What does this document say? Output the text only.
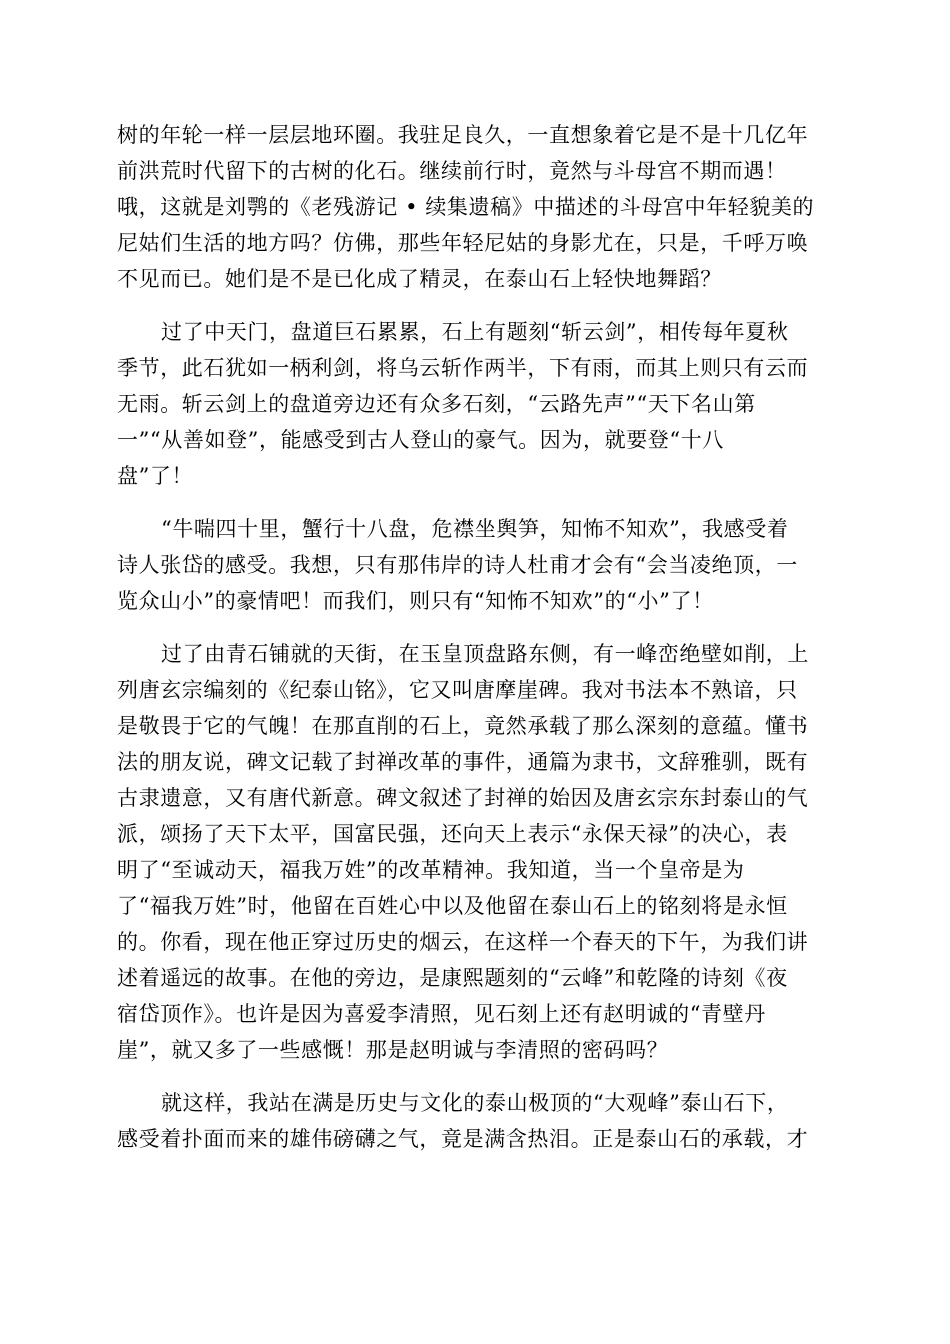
树的年轮一样一层层地环圈。我驻足良久，一直想象着它是不是十几亿年
前洪荒时代留下的古树的化石。继续前行时，竟然与斗母宫不期而遇！
哦，这就是刘鹗的《老残游记 • 续集遗稿》中描述的斗母宫中年轻貌美的
尼姑们生活的地方吗？仿佛，那些年轻尼姑的身影尤在，只是，千呼万唤
不见而已。她们是不是已化成了精灵，在泰山石上轻快地舞蹈？
过了中天门，盘道巨石累累，石上有题刻“斩云剑”，相传每年夏秋
季节，此石犹如一柄利剑，将乌云斩作两半，下有雨，而其上则只有云而
无雨。斩云剑上的盘道旁边还有众多石刻，“云路先声”“天下名山第
一”“从善如登”，能感受到古人登山的豪气。因为，就要登“十八
盘”了！
“牛喘四十里，蟹行十八盘，危襟坐舆笋，知怖不知欢”，我感受着
诗人张岱的感受。我想，只有那伟岸的诗人杜甫才会有“会当凌绝顶，一
览众山小”的豪情吧！而我们，则只有“知怖不知欢”的“小”了！
过了由青石铺就的天街，在玉皇顶盘路东侧，有一峰峦绝壁如削，上
列唐玄宗编刻的《纪泰山铭》，它又叫唐摩崖碑。我对书法本不熟谙，只
是敬畏于它的气魄！在那直削的石上，竟然承载了那么深刻的意蕴。懂书
法的朋友说，碑文记载了封禅改革的事件，通篇为隶书，文辞雅驯，既有
古隶遗意，又有唐代新意。碑文叙述了封禅的始因及唐玄宗东封泰山的气
派，颂扬了天下太平，国富民强，还向天上表示“永保天禄”的决心，表
明了“至诚动天，福我万姓”的改革精神。我知道，当一个皇帝是为
了“福我万姓”时，他留在百姓心中以及他留在泰山石上的铭刻将是永恒
的。你看，现在他正穿过历史的烟云，在这样一个春天的下午，为我们讲
述着遥远的故事。在他的旁边，是康熙题刻的“云峰”和乾隆的诗刻《夜
宿岱顶作》。也许是因为喜爱李清照，见石刻上还有赵明诚的“青壁丹
崖”，就又多了一些感慨！那是赵明诚与李清照的密码吗？
就这样，我站在满是历史与文化的泰山极顶的“大观峰”泰山石下，
感受着扑面而来的雄伟磅礴之气，竟是满含热泪。正是泰山石的承载，才
